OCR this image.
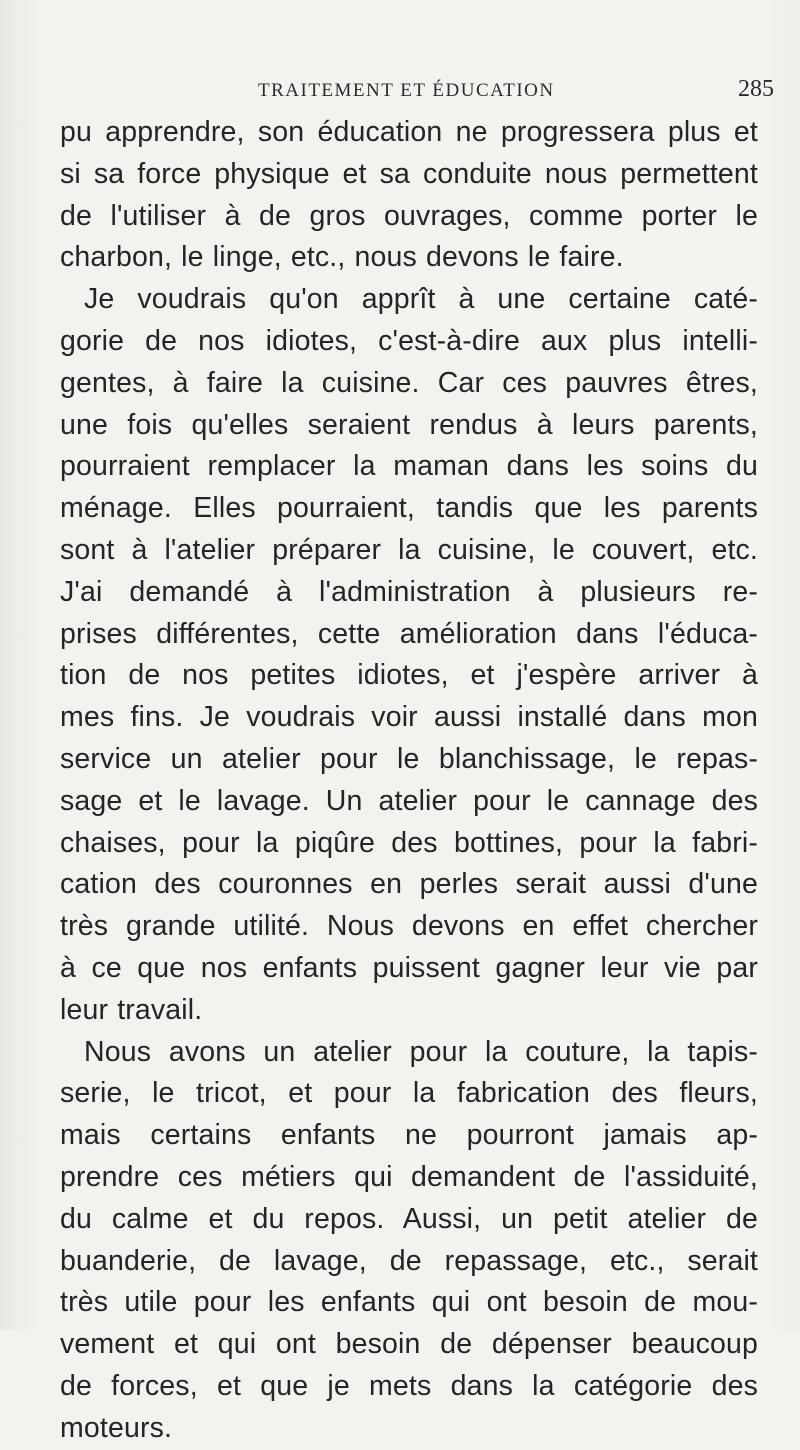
TRAITEMENT ET ÉDUCATION	285
pu apprendre, son éducation ne progressera plus et
si sa force physique et sa conduite nous permettent
de l'utiliser à de gros ouvrages, comme porter le
charbon, le linge, etc., nous devons le faire.
Je voudrais qu'on apprît à une certaine caté-
gorie de nos idiotes, c'est-à-dire aux plus intelli-
gentes, à faire la cuisine. Car ces pauvres êtres,
une fois qu'elles seraient rendus à leurs parents,
pourraient remplacer la maman dans les soins du
ménage. Elles pourraient, tandis que les parents
sont à l'atelier préparer la cuisine, le couvert, etc.
J'ai demandé à l'administration à plusieurs re-
prises différentes, cette amélioration dans l'éduca-
tion de nos petites idiotes, et j'espère arriver à
mes fins. Je voudrais voir aussi installé dans mon
service un atelier pour le blanchissage, le repas-
sage et le lavage. Un atelier pour le cannage des
chaises, pour la piqûre des bottines, pour la fabri-
cation des couronnes en perles serait aussi d'une
très grande utilité. Nous devons en effet chercher
à ce que nos enfants puissent gagner leur vie par
leur travail.
Nous avons un atelier pour la couture, la tapis-
serie, le tricot, et pour la fabrication des fleurs,
mais certains enfants ne pourront jamais ap-
prendre ces métiers qui demandent de l'assiduité,
du calme et du repos. Aussi, un petit atelier de
buanderie, de lavage, de repassage, etc., serait
très utile pour les enfants qui ont besoin de mou-
vement et qui ont besoin de dépenser beaucoup
de forces, et que je mets dans la catégorie des
moteurs.
